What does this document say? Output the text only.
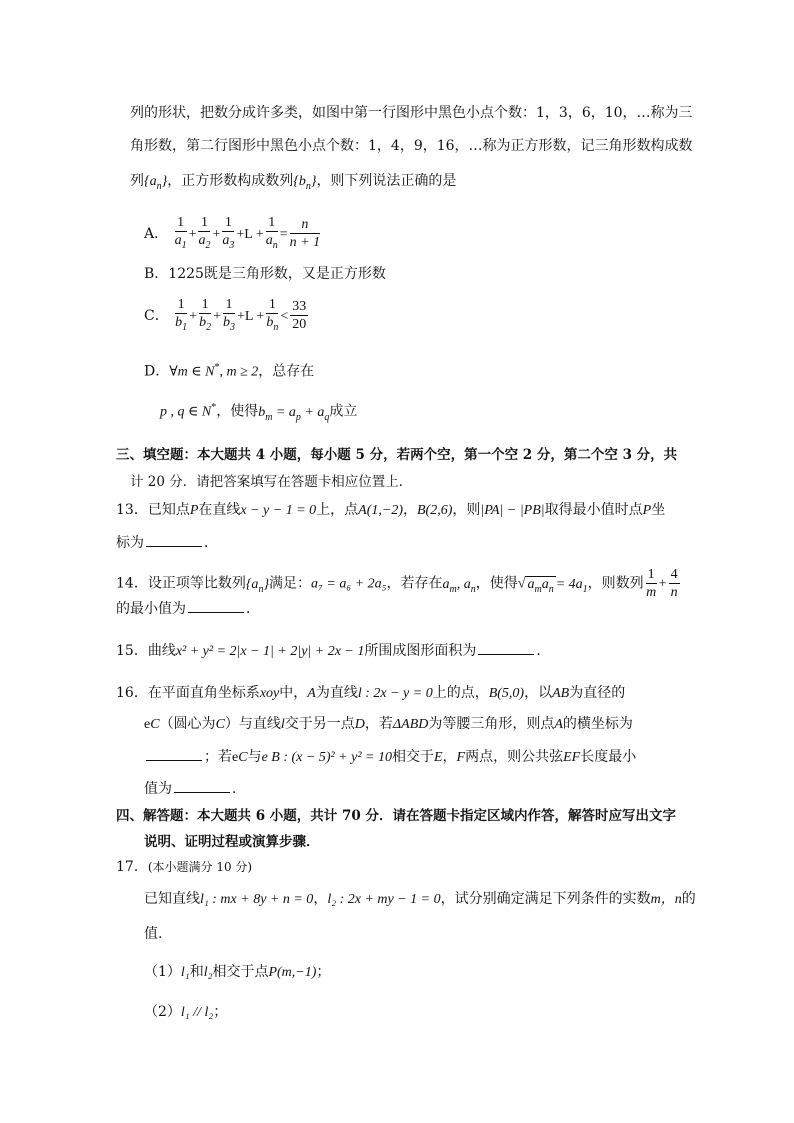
列的形状，把数分成许多类，如图中第一行图形中黑色小点个数：1，3，6，10，…称为三
角形数，第二行图形中黑色小点个数：1，4，9，16，…称为正方形数，记三角形数构成数
列$\{a_n\}$，正方形数构成数列$\{b_n\}$，则下列说法正确的是
A． $\frac{1}{a_1} + \frac{1}{a_2} + \frac{1}{a_3} +L + \frac{1}{a_n} = \frac{n}{n + 1}$
B．1225既是三角形数，又是正方形数
C． $\frac{1}{b_1} + \frac{1}{b_2} + \frac{1}{b_3} +L + \frac{1}{b_n} < \frac{33}{20}$
D．∀m ∈ N*, m ≥ 2，总存在
p , q ∈ N*，使得$b_m = a_p + a_q$成立
三、填空题：本大题共 4 小题，每小题 5 分，若两个空，第一个空 2 分，第二个空 3 分，共
计 20 分．请把答案填写在答题卡相应位置上．
13．已知点P在直线x − y − 1 = 0上，点A(1,−2)，B(2,6)，则|PA| − |PB|取得最小值时点P坐
标为	．
14．设正项等比数列$\{a_n\}$满足：a₇ = a₆ + 2a₅，若存在$a_m$, $a_n$，使得√ $a_ma_n = 4a_1$，则数列 $\frac{1}{m} + \frac{4}{n}$
的最小值为	．
15．曲线x² + y² = 2|x − 1| + 2|y| + 2x − 1所围成图形面积为	．
16．在平面直角坐标系xoy中，A为直线l : 2x − y = 0上的点，B(5,0)，以AB为直径的
eC（圆心为C）与直线l交于另一点D，若ΔABD为等腰三角形，则点A的横坐标为
；若eC与e B : (x − 5)² + y² = 10相交于E，F两点，则公共弦EF长度最小
值为	．
四、解答题：本大题共 6 小题，共计 70 分．请在答题卡指定区域内作答，解答时应写出文字
说明、证明过程或演算步骤．
17．(本小题满分 10 分)
已知直线l₁ : mx + 8y + n = 0，l₂ : 2x + my − 1 = 0，试分别确定满足下列条件的实数m，n的
值.
（1）l₁和l₂相交于点P(m,−1)；
（2）l₁ // l₂；
